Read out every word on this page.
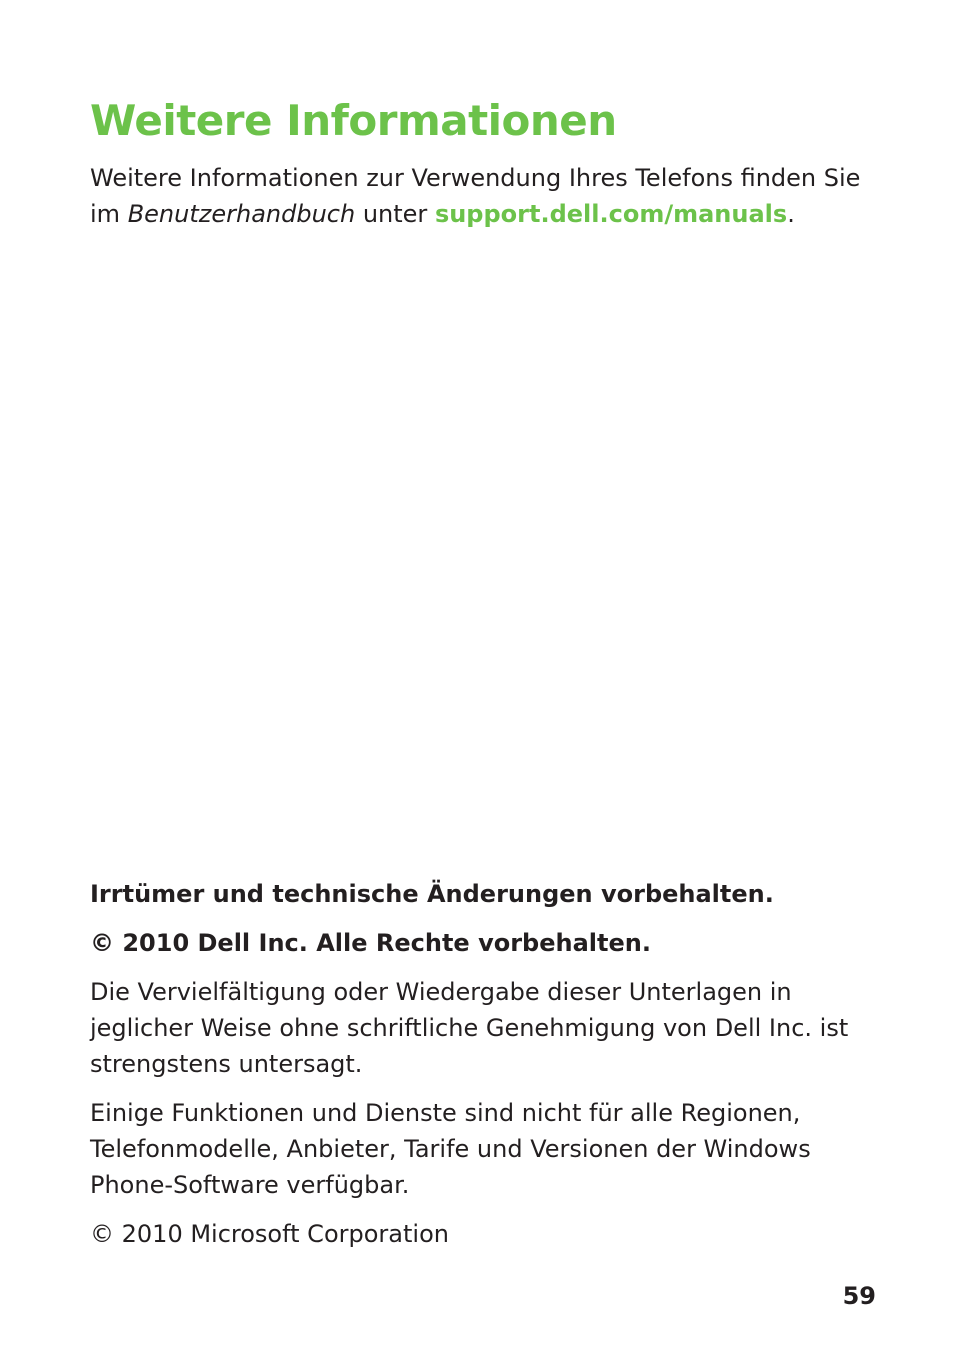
Weitere Informationen

Weitere Informationen zur Verwendung Ihres Telefons finden Sie im Benutzerhandbuch unter support.dell.com/manuals.

Irrtümer und technische Änderungen vorbehalten.

© 2010 Dell Inc. Alle Rechte vorbehalten.

Die Vervielfältigung oder Wiedergabe dieser Unterlagen in jeglicher Weise ohne schriftliche Genehmigung von Dell Inc. ist strengstens untersagt.

Einige Funktionen und Dienste sind nicht für alle Regionen, Telefonmodelle, Anbieter, Tarife und Versionen der Windows Phone-Software verfügbar.

© 2010 Microsoft Corporation

59
